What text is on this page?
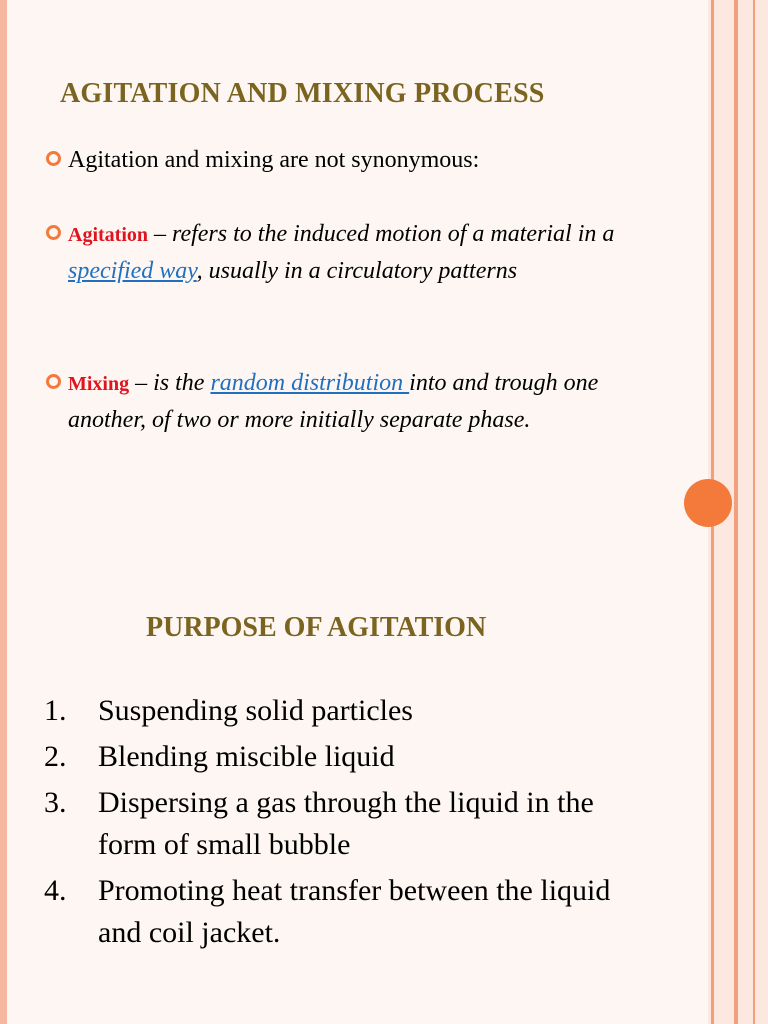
AGITATION AND MIXING PROCESS
Agitation and mixing are not synonymous:
Agitation – refers to the induced motion of a material in a specified way, usually in a circulatory patterns
Mixing – is the random distribution into and trough one another, of two or more initially separate phase.
PURPOSE OF AGITATION
1. Suspending solid particles
2. Blending miscible liquid
3. Dispersing a gas through the liquid in the form of small bubble
4. Promoting heat transfer between the liquid and coil jacket.
